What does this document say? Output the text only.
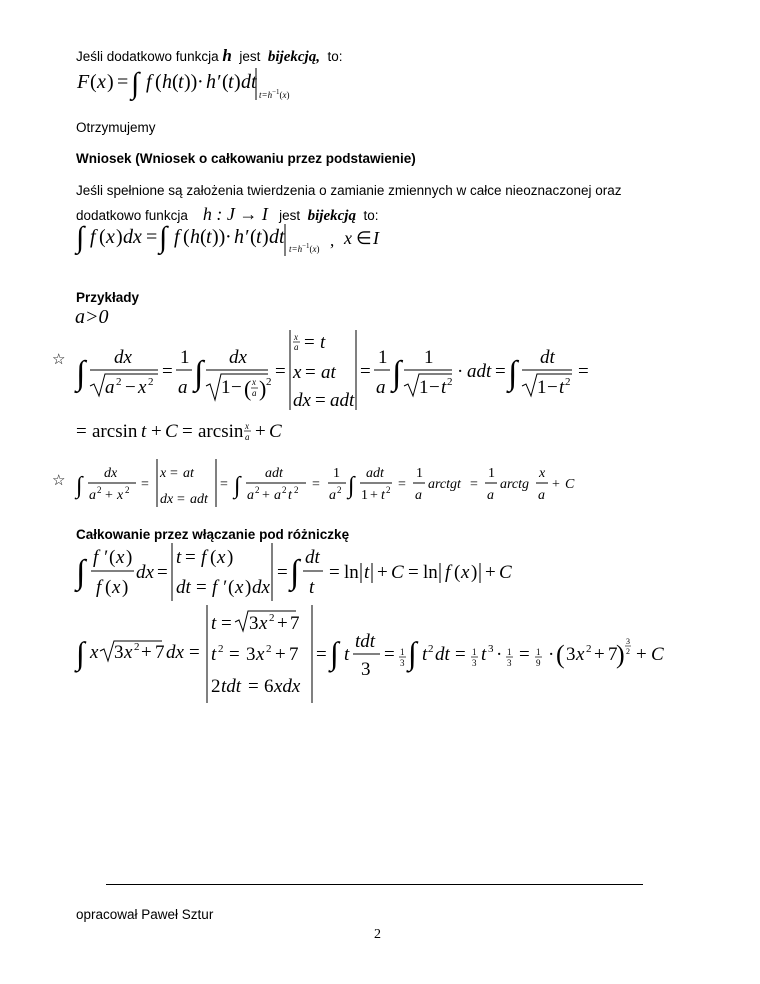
Jeśli dodatkowo funkcja h jest bijekcją, to:
F ( x ) = ∫ f ( h ( t )) · h′ ( t ) dt
$t=h^{-1}(x)$
Otrzymujemy
Wniosek (Wniosek o całkowaniu przez podstawienie)
Jeśli spełnione są założenia twierdzenia o zamianie zmiennych w całce nieoznaczonej oraz
dodatkowo funkcja h : J → I jest bijekcją to:
∫ f ( x ) dx = ∫ f ( h ( t )) · h′ ( t ) dt
$t=h^{-1}(x)$ , x ∈ I
Przykłady
a>0
☆ ∫ dx
a 2 − x 2 =
1
a ∫ dx
1 − ( x
a ) 2 =
x
a = t
x = at
dx = adt
=
1
a ∫ 1
1 − t 2 · adt = ∫ dt
1 − t 2 =
= arcsin t + C = arcsin x
a + C
☆ ∫ dx
a 2 + x 2 =
x = at
dx = adt
= ∫ adt
a 2 + a 2 t 2 =
1
a 2 ∫ adt
1 + t 2 =
1
a
arctgt =
1
a
arctg
x
a
+ C
Całkowanie przez włączanie pod różniczkę
∫ f ′ ( x )
f ( x )
dx =
t = f ( x )
dt = f ′ ( x ) dx
= ∫ dt
t
= ln t + C = ln f ( x ) + C
∫ x 3 x 2 + 7 dx =
t = 3 x 2 + 7
t 2 = 3 x 2 + 7
2 tdt = 6 xdx
= ∫ t
tdt
3
= 1
3 ∫ t 2 dt = 1
3 t 3 · 1
3 = 1
9 · ( 3 x 2 + 7
) 3
2 + C
opracował Paweł Sztur
2
